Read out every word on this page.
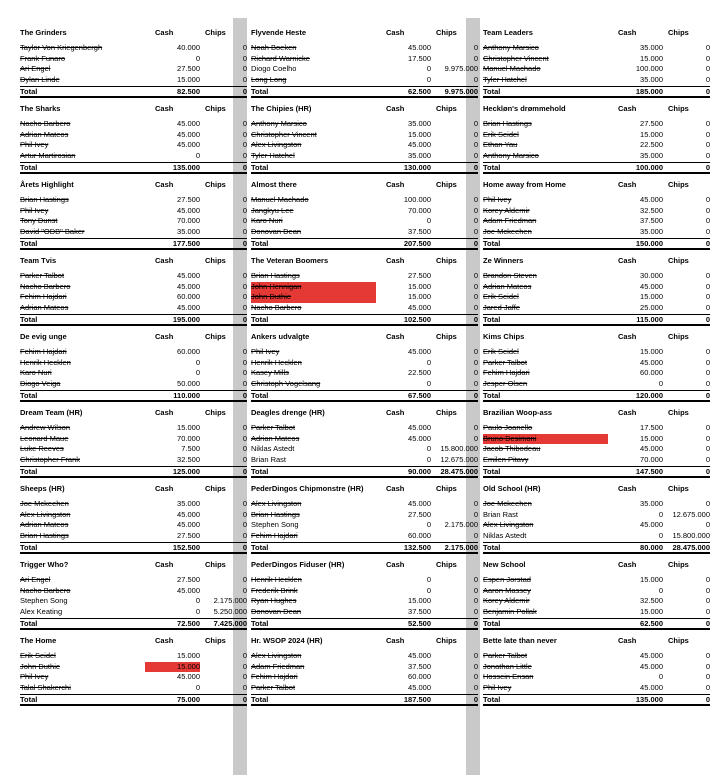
The Grinders	Cash	Chips
Taylor Von Kriegenbergh	40.000	0
Frank Funaro	0	0
Ari Engel	27.500	0
Dylan Linde	15.000	0
Total	82.500	0
Flyvende Heste	Cash	Chips
Noah Boeken	45.000	0
Richard Warnicke	17.500	0
Diogo Coelho	0	9.975.000
Long Long	0	0
Total	62.500	9.975.000
Team Leaders	Cash	Chips
Anthony Marsico	35.000	0
Christopher Vincent	15.000	0
Manuel Machado	100.000	0
Tyler Hatchel	35.000	0
Total	185.000	0
The Sharks	Cash	Chips
Nacho Barbero	45.000	0
Adrian Mateos	45.000	0
Phil Ivey	45.000	0
Artur Martirosian	0	0
Total	135.000	0
The Chipies (HR)	Cash	Chips
Anthony Marsico	35.000	0
Christopher Vincent	15.000	0
Alex Livingston	45.000	0
Tyler Hatchel	35.000	0
Total	130.000	0
Heckløn's drømmehold	Cash	Chips
Brian Hastings	27.500	0
Erik Seidel	15.000	0
Ethan Yau	22.500	0
Anthony Marsico	35.000	0
Total	100.000	0
Årets Highlight	Cash	Chips
Brian Hastings	27.500	0
Phil Ivey	45.000	0
Tony Dunst	70.000	0
David "ODB" Baker	35.000	0
Total	177.500	0
Almost there	Cash	Chips
Manuel Machado	100.000	0
Jangkyu Lee	70.000	0
Karo Nuri	0	0
Donovan Dean	37.500	0
Total	207.500	0
Home away from Home	Cash	Chips
Phil Ivey	45.000	0
Korey Aldemir	32.500	0
Adam Friedman	37.500	0
Joe Mckeehen	35.000	0
Total	150.000	0
Team Tvis	Cash	Chips
Parker Talbot	45.000	0
Nacho Barbero	45.000	0
Fehim Hajdari	60.000	0
Adrian Mateos	45.000	0
Total	195.000	0
The Veteran Boomers	Cash	Chips
Brian Hastings	27.500	0
John Hennigan	15.000	0
John Duthie	15.000	0
Nacho Barbero	45.000	0
Total	102.500	0
Ze Winners	Cash	Chips
Brandon Steven	30.000	0
Adrian Mateos	45.000	0
Erik Seidel	15.000	0
Jared Jaffe	25.000	0
Total	115.000	0
De evig unge	Cash	Chips
Fehim Hajdari	60.000	0
Henrik Hecklen	0	0
Karo Nuri	0	0
Diogo Veiga	50.000	0
Total	110.000	0
Ankers udvalgte	Cash	Chips
Phil Ivey	45.000	0
Henrik Hecklen	0	0
Kasey Mills	22.500	0
Christoph Vogelsang	0	0
Total	67.500	0
Kims Chips	Cash	Chips
Erik Seidel	15.000	0
Parker Talbot	45.000	0
Fehim Hajdari	60.000	0
Jesper Olsen	0	0
Total	120.000	0
Dream Team (HR)	Cash	Chips
Andrew Wilson	15.000	0
Leonard Maue	70.000	0
Luke Reeves	7.500	0
Christopher Frank	32.500	0
Total	125.000	0
Deagles drenge (HR)	Cash	Chips
Parker Talbot	45.000	0
Adrian Mateos	45.000	0
Niklas Astedt	0	15.800.000
Brian Rast	0	12.675.000
Total	90.000	28.475.000
Brazilian Woop-ass	Cash	Chips
Paulo Joanello	17.500	0
Bruno Desimoni	15.000	0
Jacob Thibodeau	45.000	0
Emilen Pitavy	70.000	0
Total	147.500	0
Sheeps (HR)	Cash	Chips
Joe Mckeehen	35.000	0
Alex Livingston	45.000	0
Adrian Mateos	45.000	0
Brian Hastings	27.500	0
Total	152.500	0
PederDingos Chipmonstre (HR)	Cash	Chips
Alex Livingston	45.000	0
Brian Hastings	27.500	0
Stephen Song	0	2.175.000
Fehim Hajdari	60.000	0
Total	132.500	2.175.000
Old School (HR)	Cash	Chips
Joe Mckeehen	35.000	0
Brian Rast	0	12.675.000
Alex Livingston	45.000	0
Niklas Astedt	0	15.800.000
Total	80.000	28.475.000
Trigger Who?	Cash	Chips
Ari Engel	27.500	0
Nacho Barbero	45.000	0
Stephen Song	0	2.175.000
Alex Keating	0	5.250.000
Total	72.500	7.425.000
PederDingos Fiduser (HR)	Cash	Chips
Henrik Hecklen	0	0
Frederik Brink	0	0
Ryan Hughes	15.000	0
Donovan Dean	37.500	0
Total	52.500	0
New School	Cash	Chips
Espen Jorstad	15.000	0
Aaron Massey	0	0
Korey Aldemir	32.500	0
Benjamin Pollak	15.000	0
Total	62.500	0
The Home	Cash	Chips
Erik Seidel	15.000	0
John Duthie	15.000	0
Phil Ivey	45.000	0
Talal Shakerchi	0	0
Total	75.000	0
Hr. WSOP 2024 (HR)	Cash	Chips
Alex Livingston	45.000	0
Adam Friedman	37.500	0
Fehim Hajdari	60.000	0
Parker Talbot	45.000	0
Total	187.500	0
Bette late than never	Cash	Chips
Parker Talbot	45.000	0
Jonathan Little	45.000	0
Hossein Ensan	0	0
Phil Ivey	45.000	0
Total	135.000	0
